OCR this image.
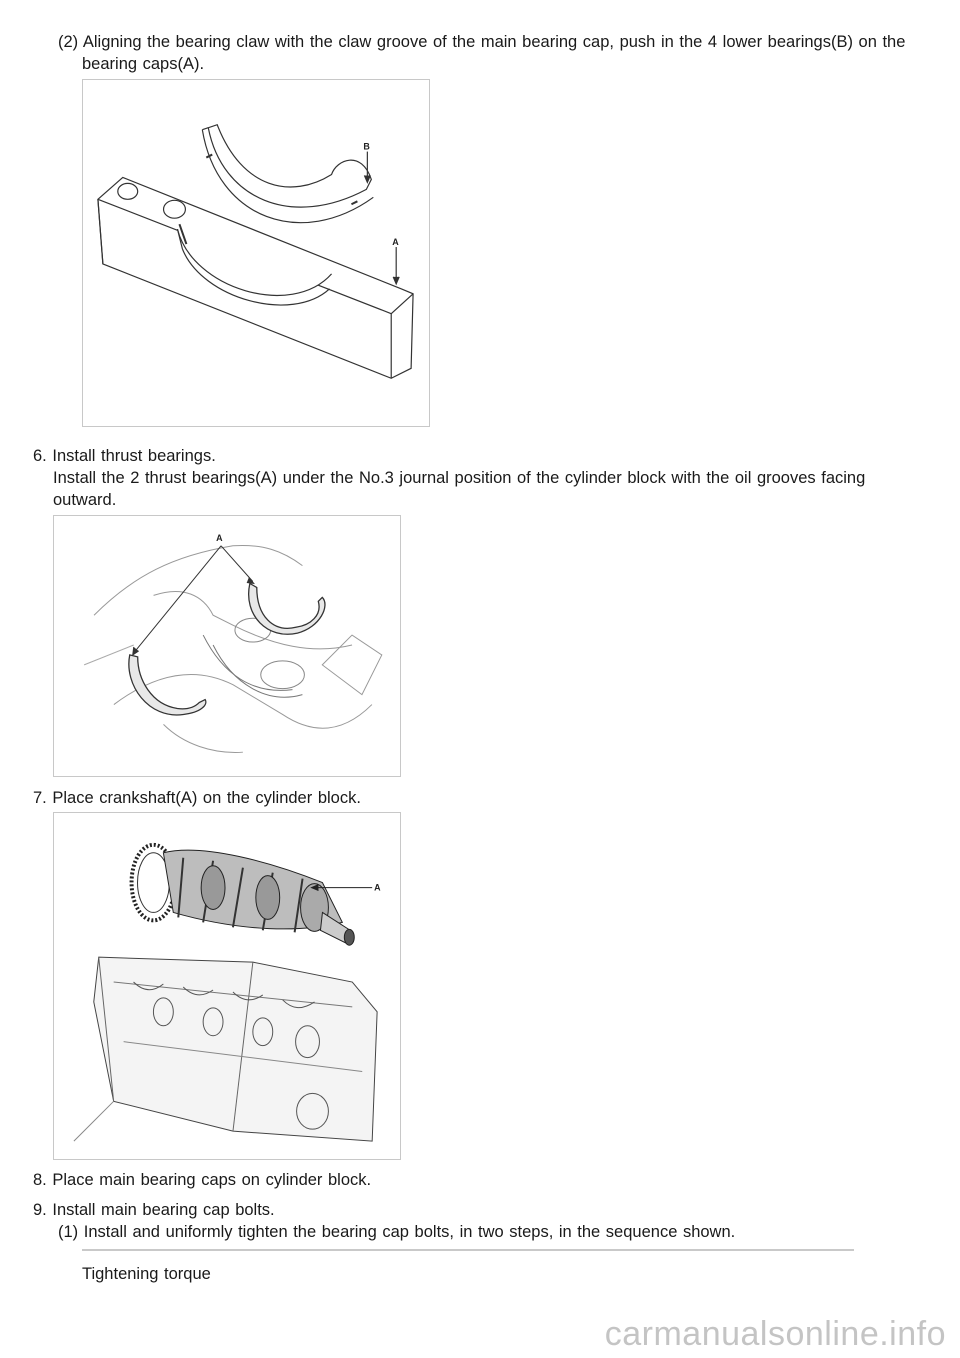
(2) Aligning the bearing claw with the claw groove of the main bearing cap, push in the 4 lower bearings(B) on the
bearing caps(A).
B
A
6. Install thrust bearings.
Install the 2 thrust bearings(A) under the No.3 journal position of the cylinder block with the oil grooves facing
outward.
A
7. Place crankshaft(A) on the cylinder block.
A
8. Place main bearing caps on cylinder block.
9. Install main bearing cap bolts.
(1) Install and uniformly tighten the bearing cap bolts, in two steps, in the sequence shown.
Tightening torque
carmanualsonline.info
